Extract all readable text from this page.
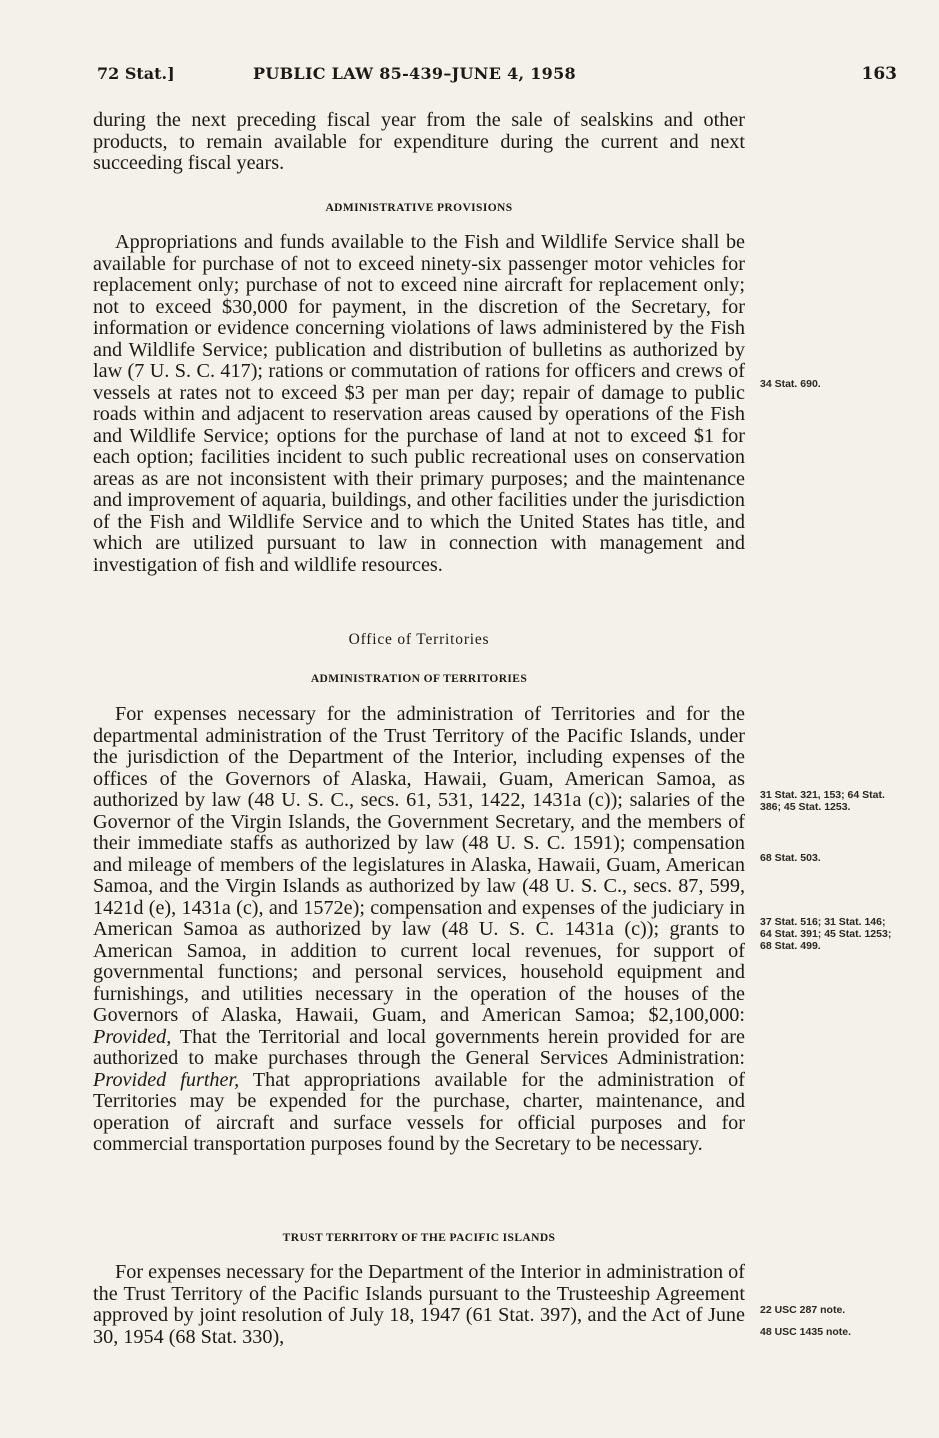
72 Stat.]	PUBLIC LAW 85-439–JUNE 4, 1958	163

during the next preceding fiscal year from the sale of sealskins and other products, to remain available for expenditure during the current and next succeeding fiscal years.

ADMINISTRATIVE PROVISIONS

Appropriations and funds available to the Fish and Wildlife Service shall be available for purchase of not to exceed ninety-six passenger motor vehicles for replacement only; purchase of not to exceed nine aircraft for replacement only; not to exceed $30,000 for payment, in the discretion of the Secretary, for information or evidence concerning violations of laws administered by the Fish and Wildlife Service; publication and distribution of bulletins as authorized by law (7 U. S. C. 417); rations or commutation of rations for officers and crews of vessels at rates not to exceed $3 per man per day; repair of damage to public roads within and adjacent to reservation areas caused by operations of the Fish and Wildlife Service; options for the purchase of land at not to exceed $1 for each option; facilities incident to such public recreational uses on conservation areas as are not inconsistent with their primary purposes; and the maintenance and improvement of aquaria, buildings, and other facilities under the jurisdiction of the Fish and Wildlife Service and to which the United States has title, and which are utilized pursuant to law in connection with management and investigation of fish and wildlife resources.

Office of Territories
ADMINISTRATION OF TERRITORIES

For expenses necessary for the administration of Territories and for the departmental administration of the Trust Territory of the Pacific Islands, under the jurisdiction of the Department of the Interior, including expenses of the offices of the Governors of Alaska, Hawaii, Guam, American Samoa, as authorized by law (48 U. S. C., secs. 61, 531, 1422, 1431a (c)); salaries of the Governor of the Virgin Islands, the Government Secretary, and the members of their immediate staffs as authorized by law (48 U. S. C. 1591); compensation and mileage of members of the legislatures in Alaska, Hawaii, Guam, American Samoa, and the Virgin Islands as authorized by law (48 U. S. C., secs. 87, 599, 1421d (e), 1431a (c), and 1572e); compensation and expenses of the judiciary in American Samoa as authorized by law (48 U. S. C. 1431a (c)); grants to American Samoa, in addition to current local revenues, for support of governmental functions; and personal services, household equipment and furnishings, and utilities necessary in the operation of the houses of the Governors of Alaska, Hawaii, Guam, and American Samoa; $2,100,000: Provided, That the Territorial and local governments herein provided for are authorized to make purchases through the General Services Administration: Provided further, That appropriations available for the administration of Territories may be expended for the purchase, charter, maintenance, and operation of aircraft and surface vessels for official purposes and for commercial transportation purposes found by the Secretary to be necessary.

TRUST TERRITORY OF THE PACIFIC ISLANDS

For expenses necessary for the Department of the Interior in administration of the Trust Territory of the Pacific Islands pursuant to the Trusteeship Agreement approved by joint resolution of July 18, 1947 (61 Stat. 397), and the Act of June 30, 1954 (68 Stat. 330),

34 Stat. 690.
31 Stat. 321, 153; 64 Stat. 386; 45 Stat. 1253.
68 Stat. 503.
37 Stat. 516; 31 Stat. 146; 64 Stat. 391; 45 Stat. 1253; 68 Stat. 499.
22 USC 287 note.
48 USC 1435 note.
